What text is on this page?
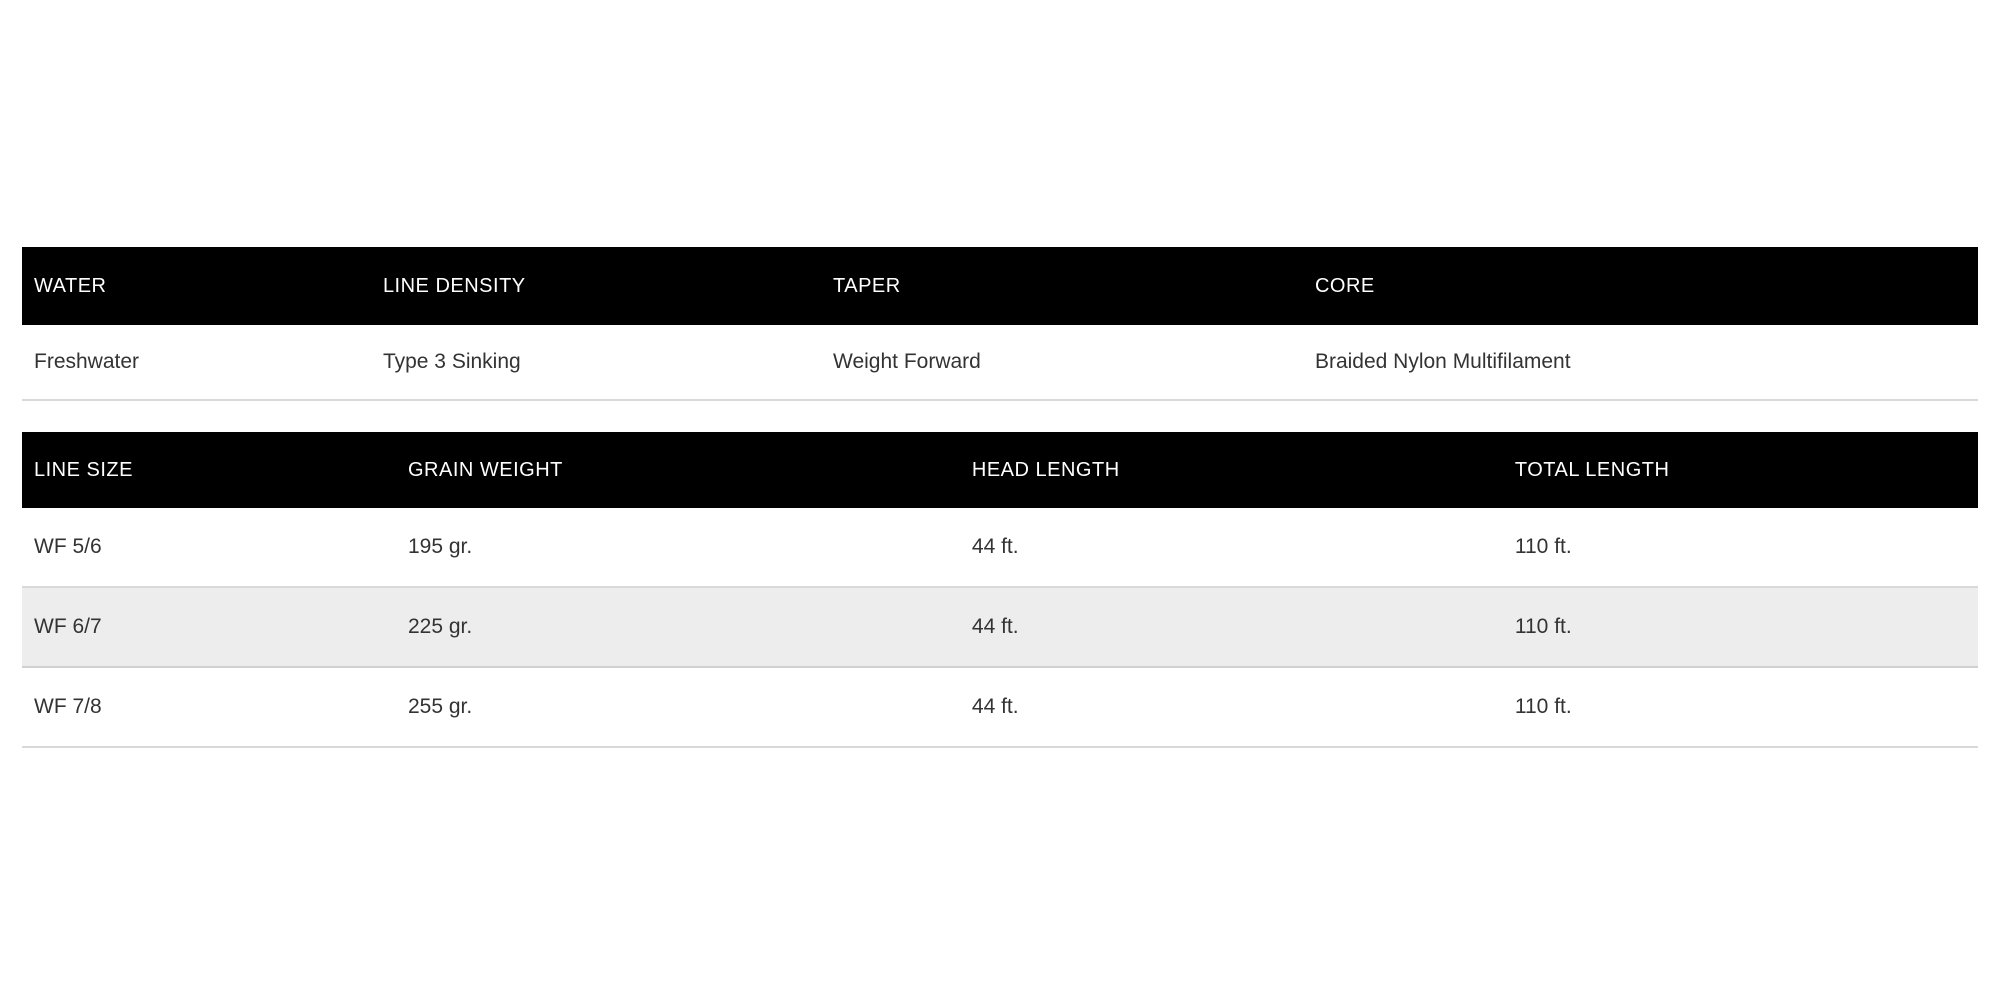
WATER	LINE DENSITY	TAPER	CORE
Freshwater	Type 3 Sinking	Weight Forward	Braided Nylon Multifilament
LINE SIZE	GRAIN WEIGHT	HEAD LENGTH	TOTAL LENGTH
WF 5/6	195 gr.	44 ft.	110 ft.
WF 6/7	225 gr.	44 ft.	110 ft.
WF 7/8	255 gr.	44 ft.	110 ft.
